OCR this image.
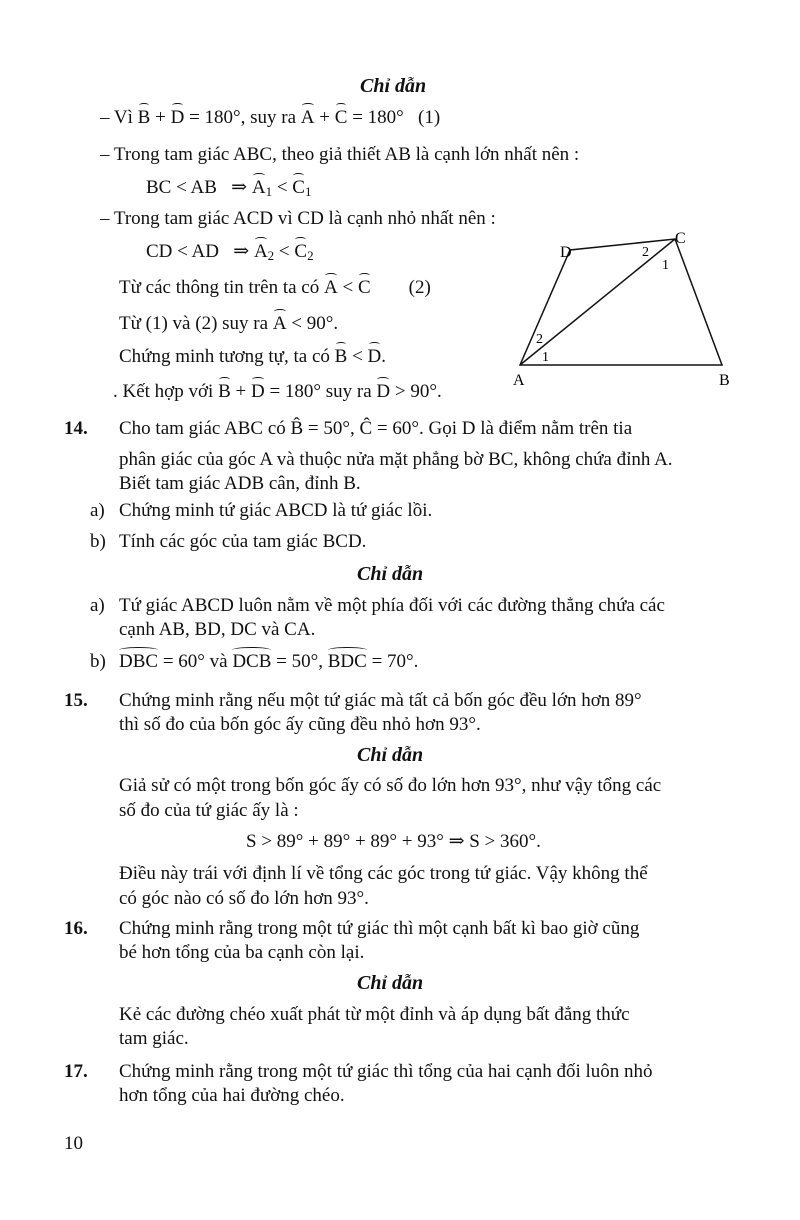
Chỉ dẫn
– Vì B + D = 180°, suy ra A + C = 180°   (1)
– Trong tam giác ABC, theo giả thiết AB là cạnh lớn nhất nên :
BC < AB   ⇒ $A_1 < C_1$
– Trong tam giác ACD vì CD là cạnh nhỏ nhất nên :
CD < AD   ⇒ $A_2 < C_2$
Từ các thông tin trên ta có A < C (2)
Từ (1) và (2) suy ra A < 90°.
Chứng minh tương tự, ta có B < D.
. Kết hợp với B + D = 180° suy ra D > 90°.
A	B
C
D
1
2
1
2
14. Cho tam giác ABC có B̂ = 50°, Ĉ = 60°. Gọi D là điểm nằm trên tia
phân giác của góc A và thuộc nửa mặt phẳng bờ BC, không chứa đỉnh A.
Biết tam giác ADB cân, đỉnh B.
a) Chứng minh tứ giác ABCD là tứ giác lồi.
b) Tính các góc của tam giác BCD.
Chỉ dẫn
a) Tứ giác ABCD luôn nằm về một phía đối với các đường thẳng chứa các
cạnh AB, BD, DC và CA.
b) DBC = 60° và DCB = 50°, BDC = 70°.
15. Chứng minh rằng nếu một tứ giác mà tất cả bốn góc đều lớn hơn 89°
thì số đo của bốn góc ấy cũng đều nhỏ hơn 93°.
Chỉ dẫn
Giả sử có một trong bốn góc ấy có số đo lớn hơn 93°, như vậy tổng các
số đo của tứ giác ấy là :
S > 89° + 89° + 89° + 93° ⇒ S > 360°.
Điều này trái với định lí về tổng các góc trong tứ giác. Vậy không thể
có góc nào có số đo lớn hơn 93°.
16. Chứng minh rằng trong một tứ giác thì một cạnh bất kì bao giờ cũng
bé hơn tổng của ba cạnh còn lại.
Chỉ dẫn
Kẻ các đường chéo xuất phát từ một đỉnh và áp dụng bất đẳng thức
tam giác.
17. Chứng minh rằng trong một tứ giác thì tổng của hai cạnh đối luôn nhỏ
hơn tổng của hai đường chéo.
10
